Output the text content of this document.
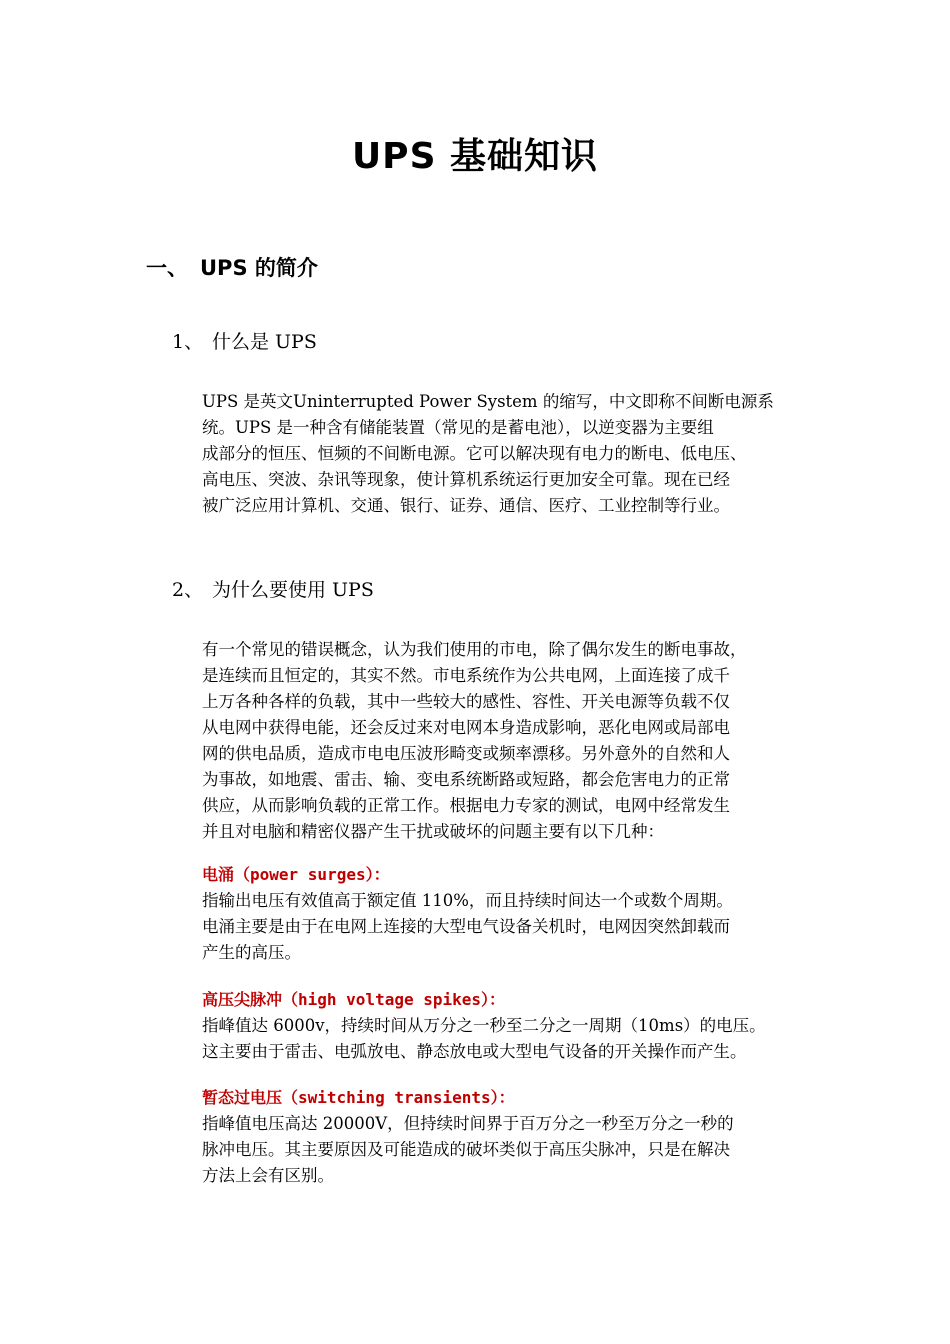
UPS 基础知识
一、 UPS 的简介
1、 什么是 UPS
UPS 是英文Uninterrupted Power System 的缩写，中文即称不间断电源系
统。UPS 是一种含有储能装置（常见的是蓄电池），以逆变器为主要组
成部分的恒压、恒频的不间断电源。它可以解决现有电力的断电、低电压、
高电压、突波、杂讯等现象，使计算机系统运行更加安全可靠。现在已经
被广泛应用计算机、交通、银行、证券、通信、医疗、工业控制等行业。
2、 为什么要使用 UPS
有一个常见的错误概念，认为我们使用的市电，除了偶尔发生的断电事故，
是连续而且恒定的，其实不然。市电系统作为公共电网，上面连接了成千
上万各种各样的负载，其中一些较大的感性、容性、开关电源等负载不仅
从电网中获得电能，还会反过来对电网本身造成影响，恶化电网或局部电
网的供电品质，造成市电电压波形畸变或频率漂移。另外意外的自然和人
为事故，如地震、雷击、输、变电系统断路或短路，都会危害电力的正常
供应，从而影响负载的正常工作。根据电力专家的测试，电网中经常发生
并且对电脑和精密仪器产生干扰或破坏的问题主要有以下几种：
电涌（power surges）：
指输出电压有效值高于额定值 110%，而且持续时间达一个或数个周期。
电涌主要是由于在电网上连接的大型电气设备关机时，电网因突然卸载而
产生的高压。
高压尖脉冲（high voltage spikes）：
指峰值达 6000v，持续时间从万分之一秒至二分之一周期（10ms）的电压。
这主要由于雷击、电弧放电、静态放电或大型电气设备的开关操作而产生。
暂态过电压（switching transients）：
指峰值电压高达 20000V，但持续时间界于百万分之一秒至万分之一秒的
脉冲电压。其主要原因及可能造成的破坏类似于高压尖脉冲，只是在解决
方法上会有区别。
